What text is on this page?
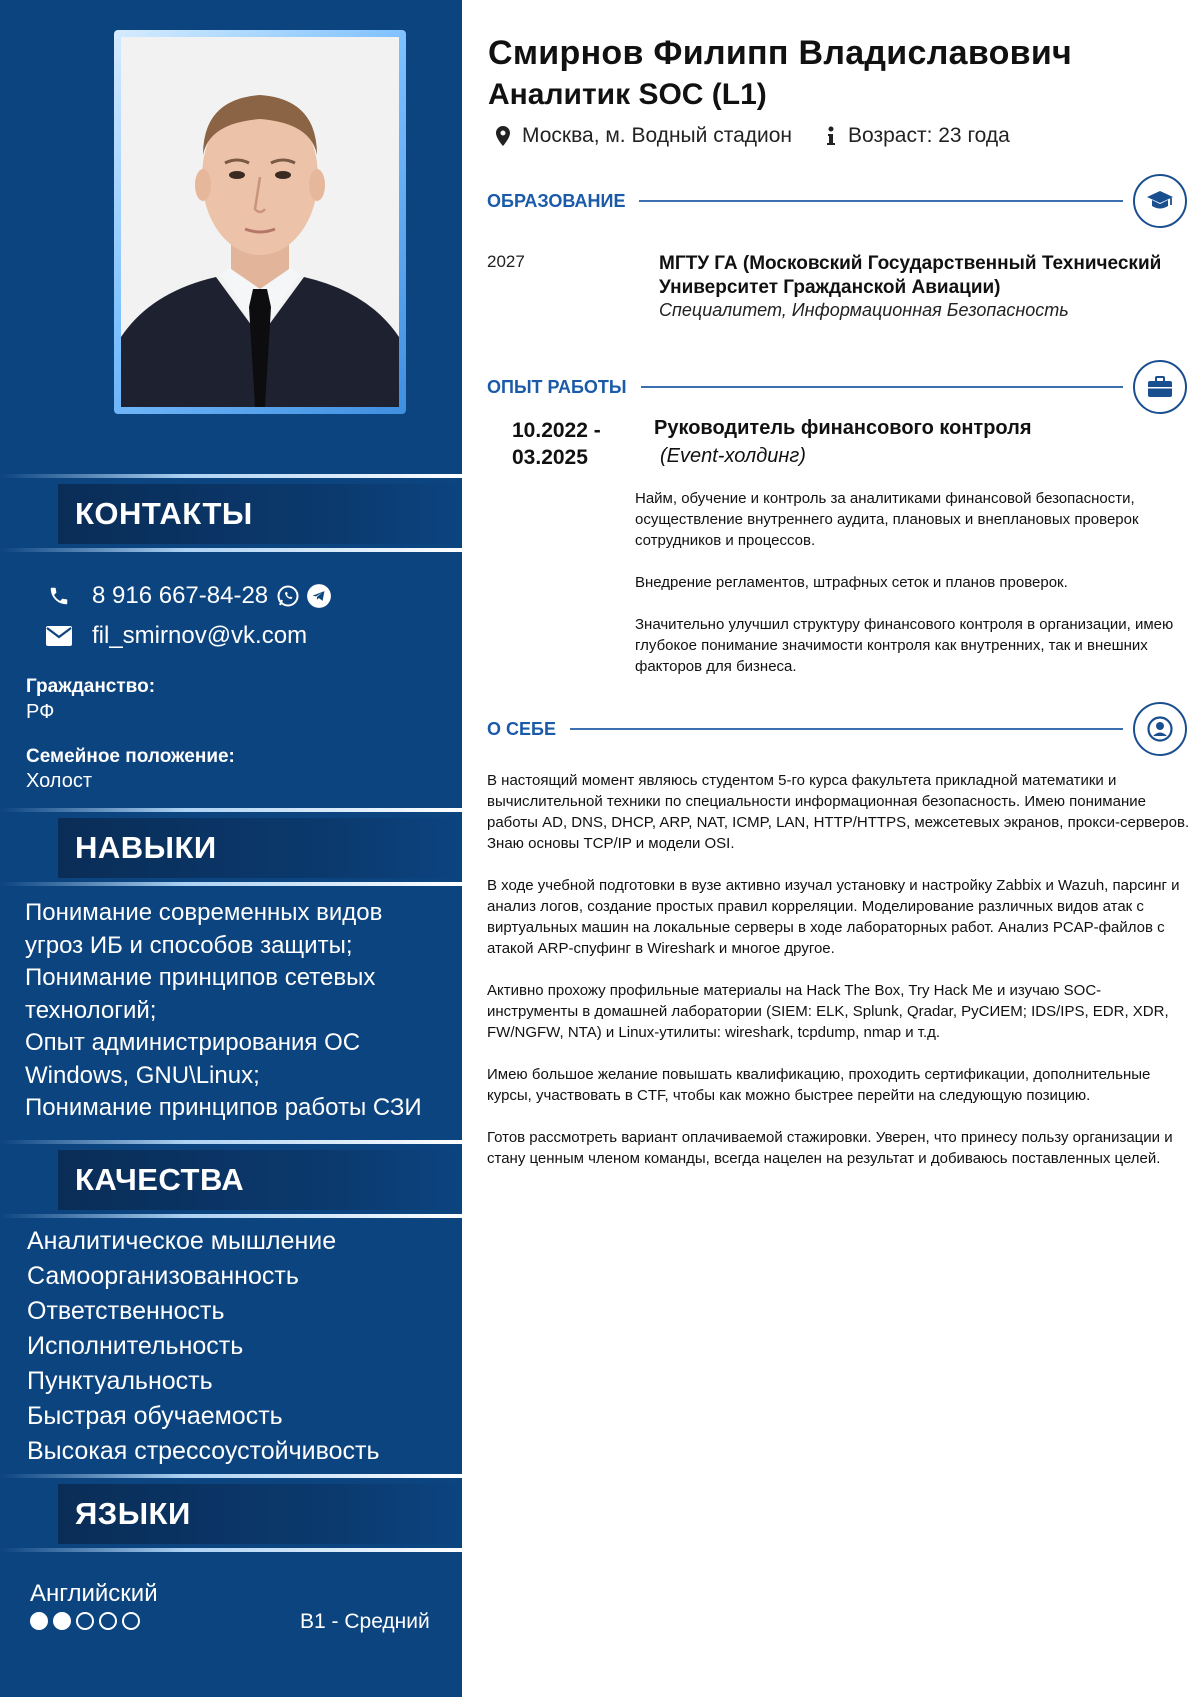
КОНТАКТЫ
8 916 667-84-28
fil_smirnov@vk.com
Гражданство:
РФ
Семейное положение:
Холост
НАВЫКИ
Понимание современных видов
угроз ИБ и способов защиты;
Понимание принципов сетевых
технологий;
Опыт администрирования ОС
Windows, GNU\Linux;
Понимание принципов работы СЗИ
КАЧЕСТВА
Аналитическое мышление
Самоорганизованность
Ответственность
Исполнительность
Пунктуальность
Быстрая обучаемость
Высокая стрессоустойчивость
ЯЗЫКИ
Английский
B1 - Средний
Смирнов Филипп Владиславович
Аналитик SOC (L1)
Москва, м. Водный стадион	Возраст: 23 года
ОБРАЗОВАНИЕ
2027	МГТУ ГА (Московский Государственный Технический Университет Гражданской Авиации)
Специалитет, Информационная Безопасность
ОПЫТ РАБОТЫ
10.2022 -
03.2025
Руководитель финансового контроля
(Event-холдинг)

Найм, обучение и контроль за аналитиками финансовой безопасности, осуществление внутреннего аудита, плановых и внеплановых проверок сотрудников и процессов.

Внедрение регламентов, штрафных сеток и планов проверок.

Значительно улучшил структуру финансового контроля в организации, имею глубокое понимание значимости контроля как внутренних, так и внешних факторов для бизнеса.

О СЕБЕ

В настоящий момент являюсь студентом 5-го курса факультета прикладной математики и вычислительной техники по специальности информационная безопасность. Имею понимание работы AD, DNS, DHCP, ARP, NAT, ICMP, LAN, HTTP/HTTPS, межсетевых экранов, прокси-серверов. Знаю основы TCP/IP и модели OSI.

В ходе учебной подготовки в вузе активно изучал установку и настройку Zabbix и Wazuh, парсинг и анализ логов, создание простых правил корреляции. Моделирование различных видов атак с виртуальных машин на локальные серверы в ходе лабораторных работ. Анализ PCAP-файлов с атакой ARP-спуфинг в Wireshark и многое другое.

Активно прохожу профильные материалы на Hack The Box, Try Hack Me и изучаю SOC-инструменты в домашней лаборатории (SIEM: ELK, Splunk, Qradar, РуСИЕМ; IDS/IPS, EDR, XDR, FW/NGFW, NTA) и Linux-утилиты: wireshark, tcpdump, nmap и т.д.

Имею большое желание повышать квалификацию, проходить сертификации, дополнительные курсы, участвовать в CTF, чтобы как можно быстрее перейти на следующую позицию.

Готов рассмотреть вариант оплачиваемой стажировки. Уверен, что принесу пользу организации и стану ценным членом команды, всегда нацелен на результат и добиваюсь поставленных целей.
